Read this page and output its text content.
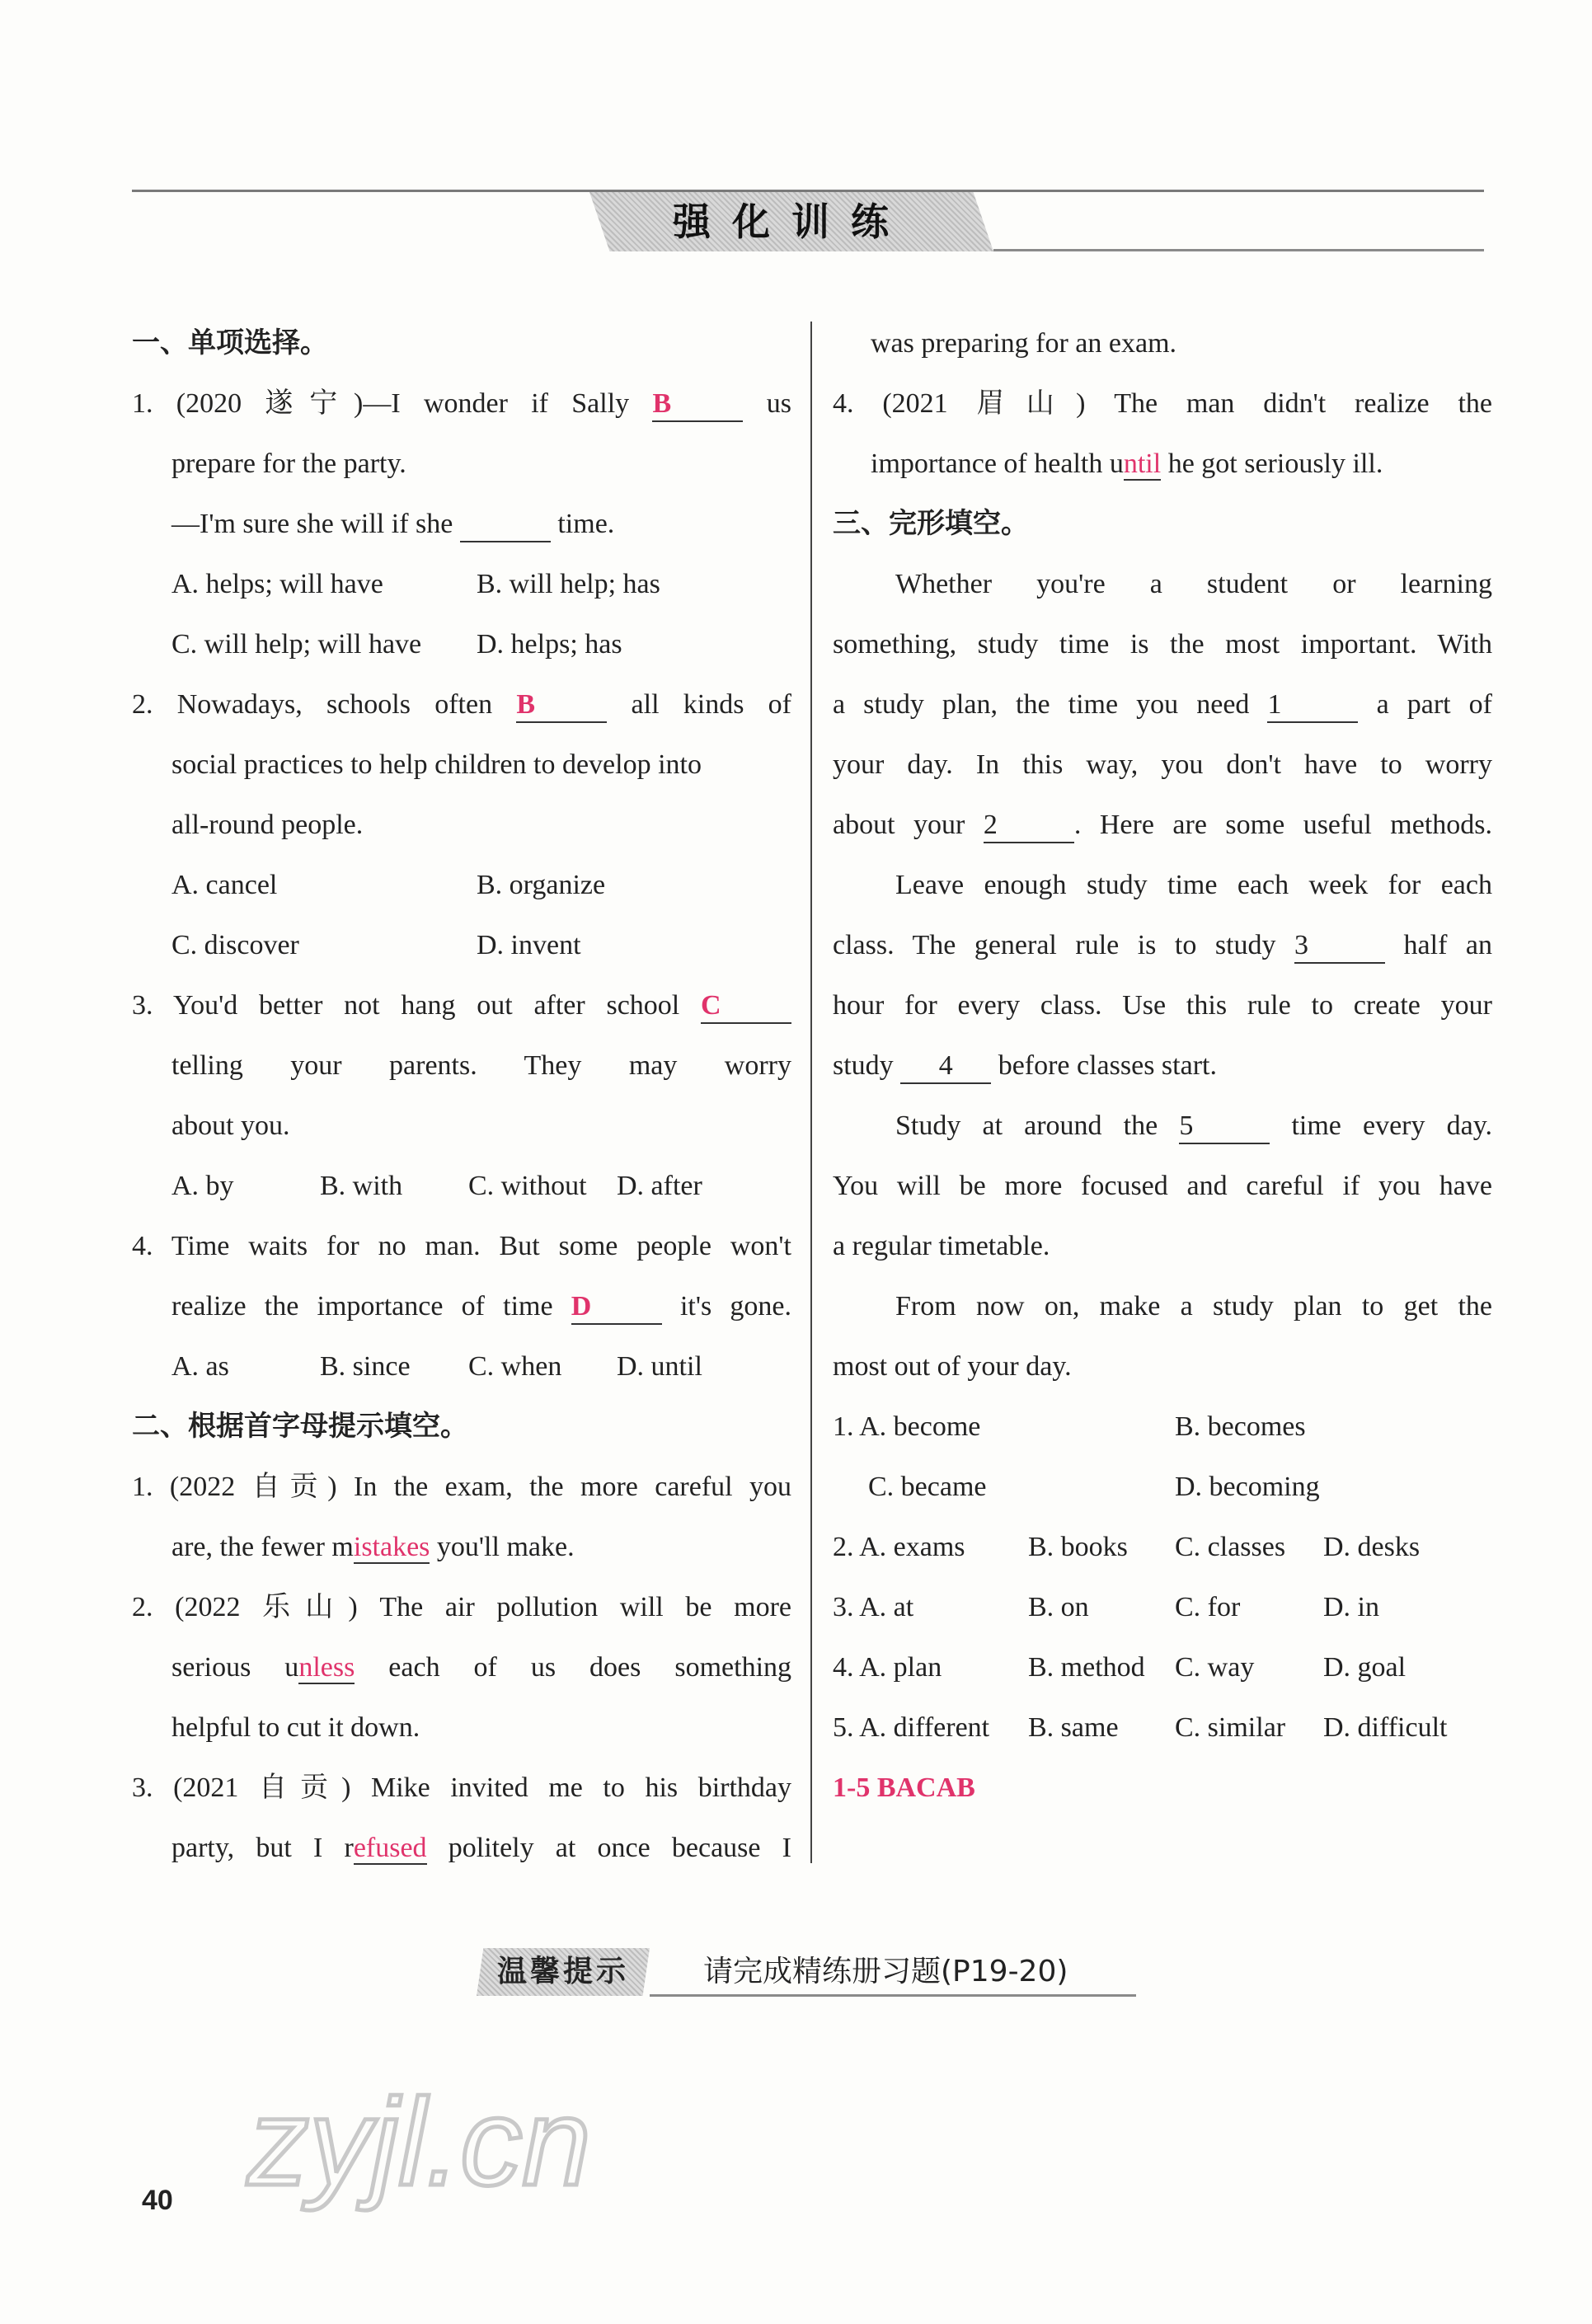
强化训练
一、单项选择。
1. (2020 遂宁)—I wonder if Sally B	us
prepare for the party.
—I'm sure she will if she	time.
A. helps; will have	B. will help; has
C. will help; will have	D. helps; has
2. Nowadays, schools often B	all kinds of
social practices to help children to develop into
all-round people.
A. cancel	B. organize
C. discover	D. invent
3. You'd better not hang out after school C
telling your parents. They may worry
about you.
A. by	B. with	C. without	D. after
4. Time waits for no man. But some people won't
realize the importance of time D	it's gone.
A. as	B. since	C. when	D. until
二、根据首字母提示填空。
1. (2022 自贡) In the exam, the more careful you
are, the fewer mistakes you'll make.
2. (2022 乐山) The air pollution will be more
serious unless each of us does something
helpful to cut it down.
3. (2021 自贡) Mike invited me to his birthday
party, but I refused politely at once because I
was preparing for an exam.
4. (2021 眉山) The man didn't realize the
importance of health until he got seriously ill.
三、完形填空。
Whether you're a student or learning
something, study time is the most important. With
a study plan, the time you need 1	a part of
your day. In this way, you don't have to worry
about your 2	. Here are some useful methods.
Leave enough study time each week for each
class. The general rule is to study 3	half an
hour for every class. Use this rule to create your
study 4 before classes start.
Study at around the 5	time every day.
You will be more focused and careful if you have
a regular timetable.
From now on, make a study plan to get the
most out of your day.
1. A. become	B. becomes
C. became	D. becoming
2. A. exams	B. books	C. classes	D. desks
3. A. at	B. on	C. for	D. in
4. A. plan	B. method	C. way	D. goal
5. A. different	B. same	C. similar	D. difficult
1-5 BACAB
温馨提示	请完成精练册习题(P19-20)
40 zyjl.cn
